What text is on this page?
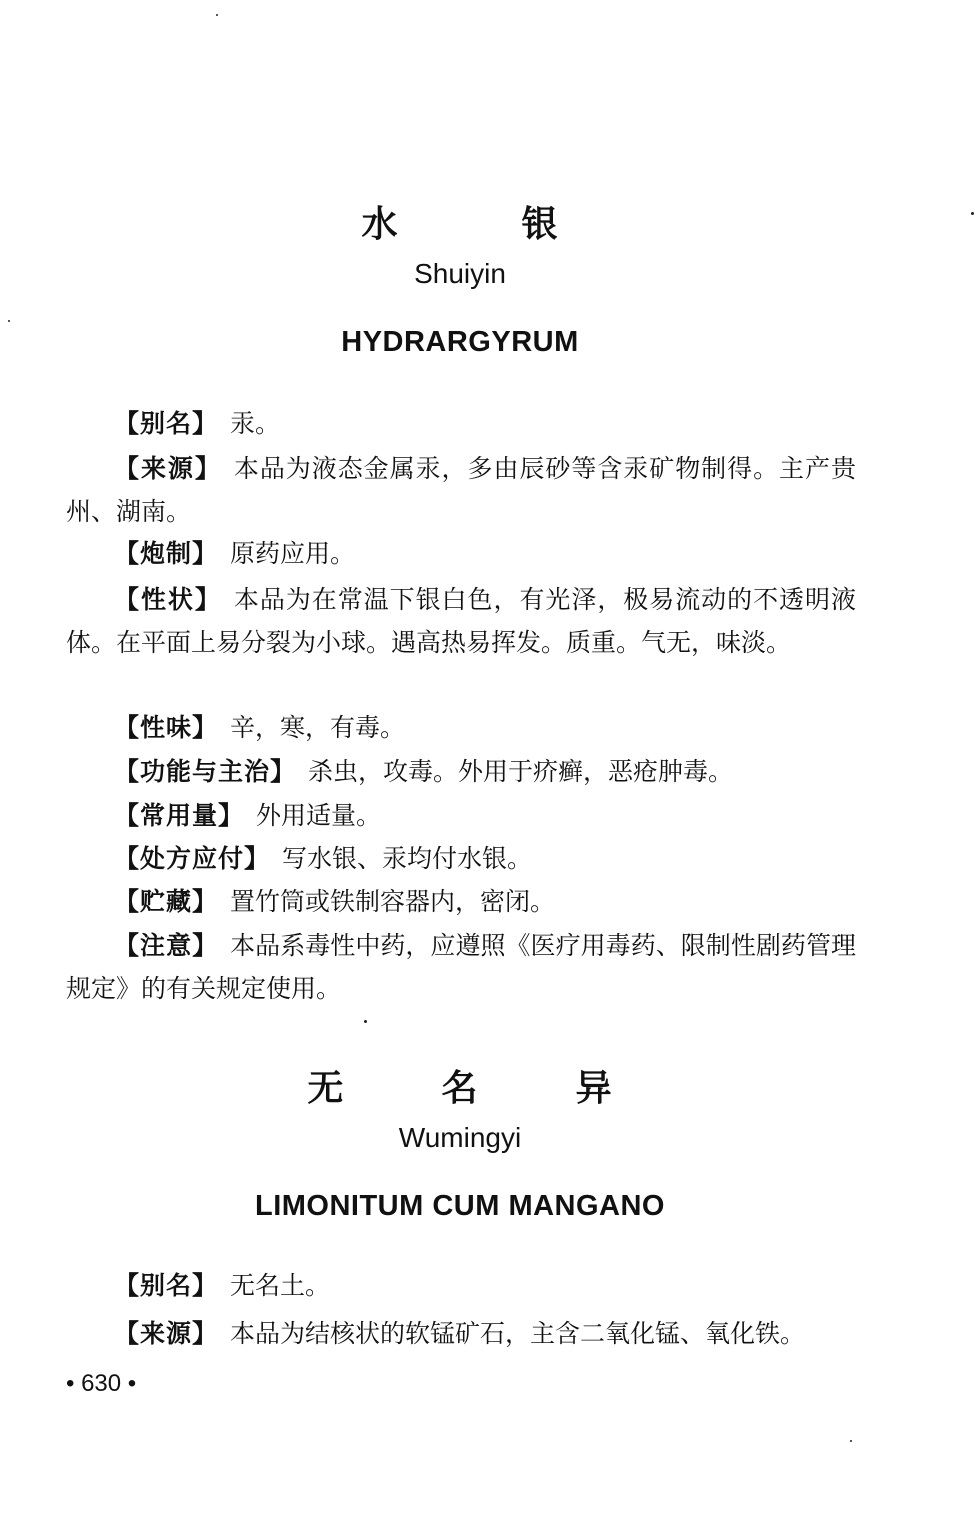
水	银
Shuiyin
HYDRARGYRUM
【别名】 汞。
【来源】 本品为液态金属汞，多由辰砂等含汞矿物制得。主产贵州、湖南。
【炮制】 原药应用。
【性状】 本品为在常温下银白色，有光泽，极易流动的不透明液体。在平面上易分裂为小球。遇高热易挥发。质重。气无，味淡。
【性味】 辛，寒，有毒。
【功能与主治】 杀虫，攻毒。外用于疥癣，恶疮肿毒。
【常用量】 外用适量。
【处方应付】 写水银、汞均付水银。
【贮藏】 置竹筒或铁制容器内，密闭。
【注意】 本品系毒性中药，应遵照《医疗用毒药、限制性剧药管理规定》的有关规定使用。
无	名	异
Wumingyi
LIMONITUM CUM MANGANO
【别名】 无名土。
【来源】 本品为结核状的软锰矿石，主含二氧化锰、氧化铁。
• 630 •
